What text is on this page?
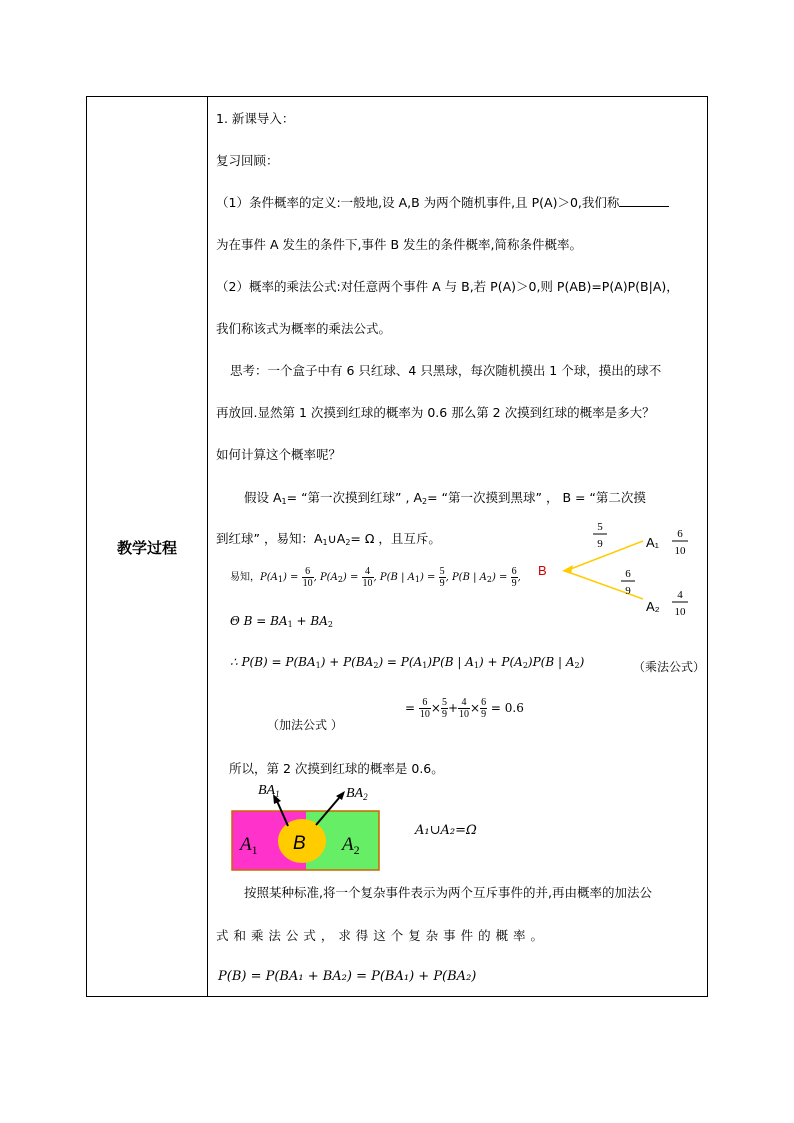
教学过程
1. 新课导入：
复习回顾：
（1）条件概率的定义:一般地,设 A,B 为两个随机事件,且 P(A)＞0,我们称
为在事件 A 发生的条件下,事件 B 发生的条件概率,简称条件概率。
（2）概率的乘法公式:对任意两个事件 A 与 B,若 P(A)＞0,则 P(AB)=P(A)P(B|A)，
我们称该式为概率的乘法公式。
思考：一个盒子中有 6 只红球、4 只黑球，每次随机摸出 1 个球，摸出的球不
再放回.显然第 1 次摸到红球的概率为 0.6 那么第 2 次摸到红球的概率是多大？
如何计算这个概率呢？
假设 $A_1=$ “第一次摸到红球” , $A_2=$ “第一次摸到黑球” ， B = “第二次摸
到红球” ，易知：$A_1\cup A_2= \Omega$ ，且互斥。
易知，$P(A_1) = \frac{6}{10}$ , $P(A_2) = \frac{4}{10}$ , P(B | $A_1) = \frac{5}{9}$ , P(B | $A_2) = \frac{6}{9}$ ,
5
9
B
A₁
A₂
6
10
6
9	4
10
Θ $B = BA_1 + BA_2$
∴ $P(B) = P(BA_1) + P(BA_2) = P(A_1)P(B$ | $A_1) + P(A_2)P(B$ | $A_2$)	（乘法公式）
= $\frac{6}{10} \times \frac{5}{9} + \frac{4}{10} \times \frac{6}{9} = 0.6$
（加法公式 ）
所以，第 2 次摸到红球的概率是 0.6。
$BA_1$	$BA_2$
$A_1$ B $A_2$
A₁∪A₂=Ω
按照某种标准,将一个复杂事件表示为两个互斥事件的并,再由概率的加法公
式 和 乘 法 公 式 ， 求 得 这 个 复 杂 事 件 的 概 率 。
P(B) = P(BA₁ + BA₂) = P(BA₁) + P(BA₂)
